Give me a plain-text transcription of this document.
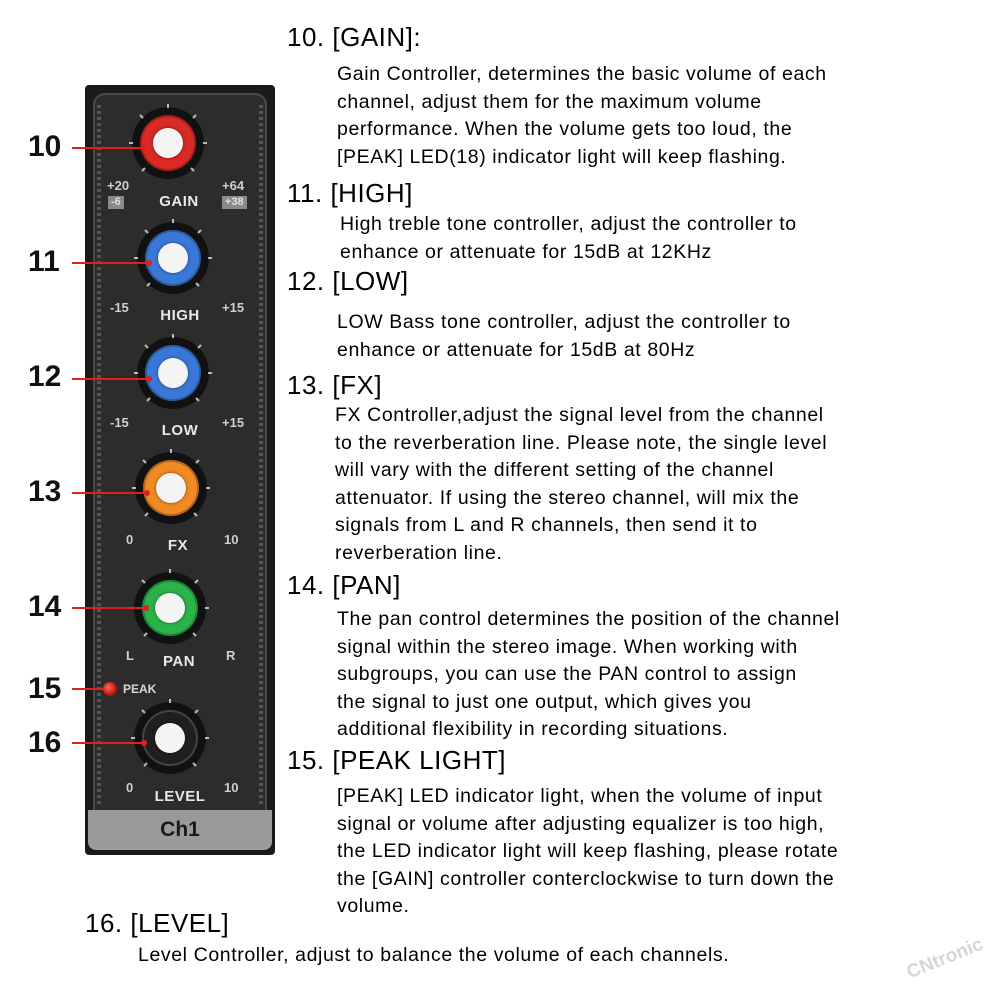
+20	+64
-6	+38
GAIN
-15	+15
HIGH
-15	+15
LOW
0	10
FX
L	R
PAN
PEAK
0	10
LEVEL
Ch1
10
11
12
13
14
15
16
10. [GAIN]:
Gain Controller, determines the basic volume of each
channel, adjust them for the maximum volume
performance. When the volume gets too loud, the
[PEAK] LED(18) indicator light will keep flashing.
11. [HIGH]
High treble tone controller, adjust the controller to
enhance or attenuate for 15dB at 12KHz
12. [LOW]
LOW Bass tone controller, adjust the controller to
enhance or attenuate for 15dB at 80Hz
13. [FX]
FX Controller,adjust the signal level from the channel
to the reverberation line. Please note, the single level
will vary with the different setting of the channel
attenuator. If using the stereo channel, will mix the
signals from L and R channels, then send it to
reverberation line.
14. [PAN]
The pan control determines the position of the channel
signal within the stereo image. When working with
subgroups, you can use the PAN control to assign
the signal to just one output, which gives you
additional flexibility in recording situations.
15. [PEAK LIGHT]
[PEAK] LED indicator light, when the volume of input
signal or volume after adjusting equalizer is too high,
the LED indicator light will keep flashing, please rotate
the [GAIN] controller conterclockwise to turn down the
volume.
16. [LEVEL]
Level Controller, adjust to balance the volume of each channels.	CNtronic
